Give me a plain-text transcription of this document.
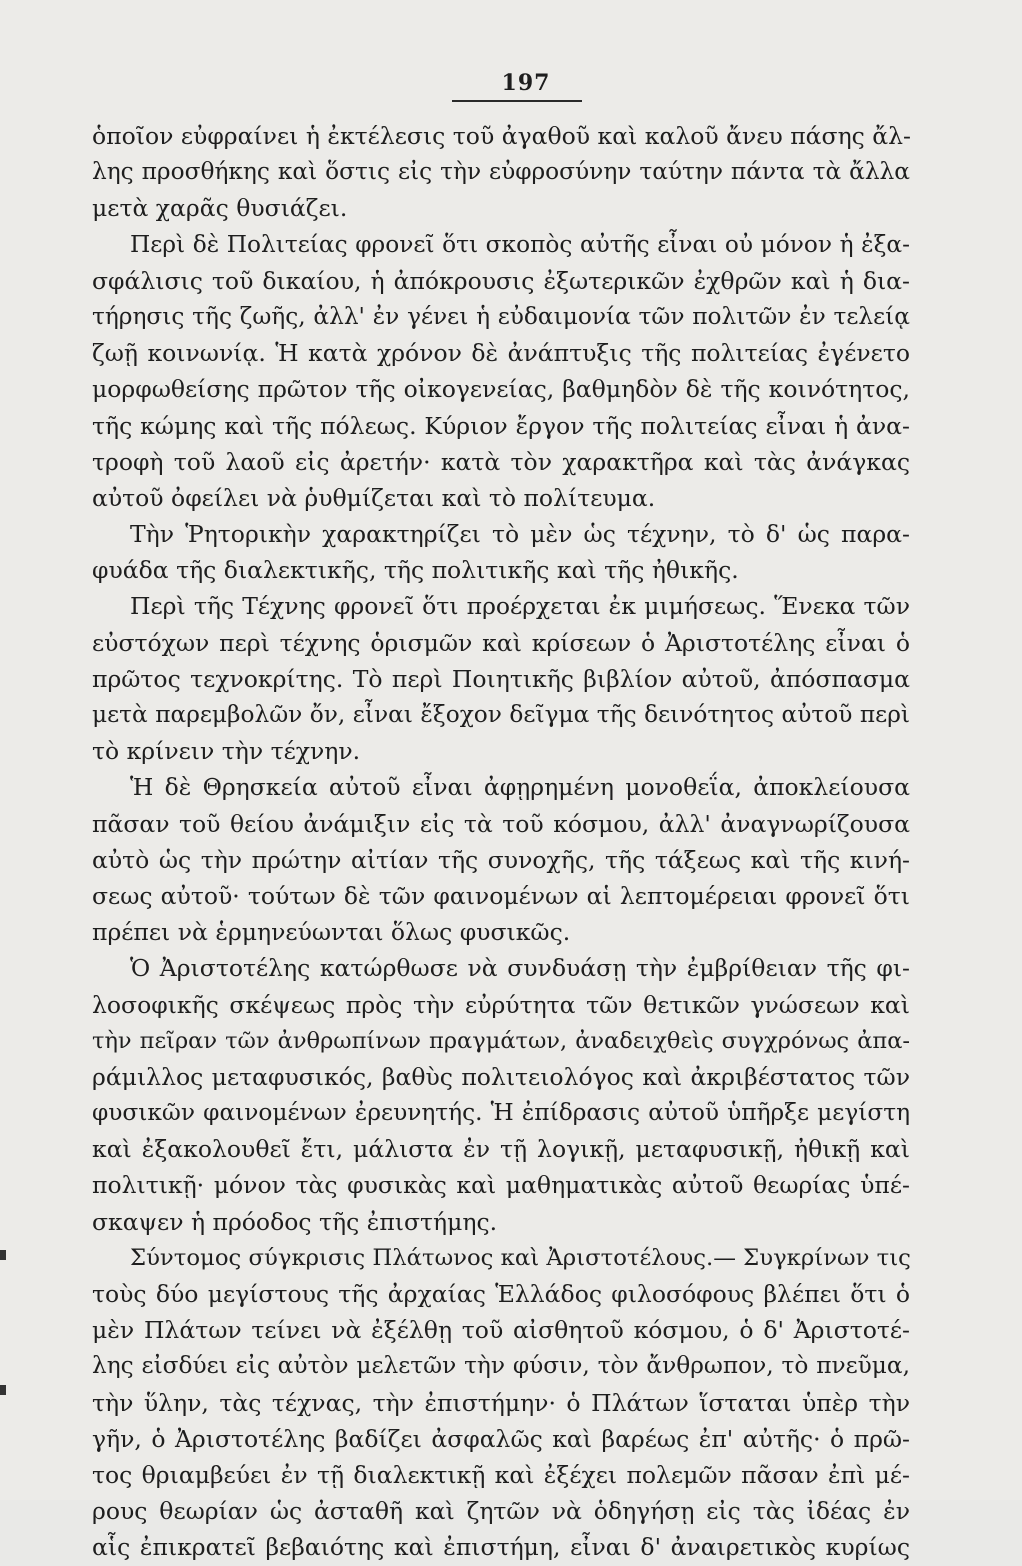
197
ὁποῖον εὐφραίνει ἡ ἐκτέλεσις τοῦ ἀγαθοῦ καὶ καλοῦ ἄνευ πάσης ἄλ-
λης προσθήκης καὶ ὅστις εἰς τὴν εὐφροσύνην ταύτην πάντα τὰ ἄλλα
μετὰ χαρᾶς θυσιάζει.
Περὶ δὲ Πολιτείας φρονεῖ ὅτι σκοπὸς αὐτῆς εἶναι οὐ μόνον ἡ ἐξα-
σφάλισις τοῦ δικαίου, ἡ ἀπόκρουσις ἐξωτερικῶν ἐχθρῶν καὶ ἡ δια-
τήρησις τῆς ζωῆς, ἀλλ' ἐν γένει ἡ εὐδαιμονία τῶν πολιτῶν ἐν τελείᾳ
ζωῇ κοινωνίᾳ. Ἡ κατὰ χρόνον δὲ ἀνάπτυξις τῆς πολιτείας ἐγένετο
μορφωθείσης πρῶτον τῆς οἰκογενείας, βαθμηδὸν δὲ τῆς κοινότητος,
τῆς κώμης καὶ τῆς πόλεως. Κύριον ἔργον τῆς πολιτείας εἶναι ἡ ἀνα-
τροφὴ τοῦ λαοῦ εἰς ἀρετήν· κατὰ τὸν χαρακτῆρα καὶ τὰς ἀνάγκας
αὐτοῦ ὀφείλει νὰ ῥυθμίζεται καὶ τὸ πολίτευμα.
Τὴν Ῥητορικὴν χαρακτηρίζει τὸ μὲν ὡς τέχνην, τὸ δ' ὡς παρα-
φυάδα τῆς διαλεκτικῆς, τῆς πολιτικῆς καὶ τῆς ἠθικῆς.
Περὶ τῆς Τέχνης φρονεῖ ὅτι προέρχεται ἐκ μιμήσεως. Ἕνεκα τῶν
εὐστόχων περὶ τέχνης ὁρισμῶν καὶ κρίσεων ὁ Ἀριστοτέλης εἶναι ὁ
πρῶτος τεχνοκρίτης. Τὸ περὶ Ποιητικῆς βιβλίον αὐτοῦ, ἀπόσπασμα
μετὰ παρεμβολῶν ὄν, εἶναι ἔξοχον δεῖγμα τῆς δεινότητος αὐτοῦ περὶ
τὸ κρίνειν τὴν τέχνην.
Ἡ δὲ Θρησκεία αὐτοῦ εἶναι ἀφῃρημένη μονοθεΐα, ἀποκλείουσα
πᾶσαν τοῦ θείου ἀνάμιξιν εἰς τὰ τοῦ κόσμου, ἀλλ' ἀναγνωρίζουσα
αὐτὸ ὡς τὴν πρώτην αἰτίαν τῆς συνοχῆς, τῆς τάξεως καὶ τῆς κινή-
σεως αὐτοῦ· τούτων δὲ τῶν φαινομένων αἱ λεπτομέρειαι φρονεῖ ὅτι
πρέπει νὰ ἑρμηνεύωνται ὅλως φυσικῶς.
Ὁ Ἀριστοτέλης κατώρθωσε νὰ συνδυάσῃ τὴν ἐμβρίθειαν τῆς φι-
λοσοφικῆς σκέψεως πρὸς τὴν εὐρύτητα τῶν θετικῶν γνώσεων καὶ
τὴν πεῖραν τῶν ἀνθρωπίνων πραγμάτων, ἀναδειχθεὶς συγχρόνως ἀπα-
ράμιλλος μεταφυσικός, βαθὺς πολιτειολόγος καὶ ἀκριβέστατος τῶν
φυσικῶν φαινομένων ἐρευνητής. Ἡ ἐπίδρασις αὐτοῦ ὑπῆρξε μεγίστη
καὶ ἐξακολουθεῖ ἔτι, μάλιστα ἐν τῇ λογικῇ, μεταφυσικῇ, ἠθικῇ καὶ
πολιτικῇ· μόνον τὰς φυσικὰς καὶ μαθηματικὰς αὐτοῦ θεωρίας ὑπέ-
σκαψεν ἡ πρόοδος τῆς ἐπιστήμης.
Σύντομος σύγκρισις Πλάτωνος καὶ Ἀριστοτέλους.— Συγκρίνων τις
τοὺς δύο μεγίστους τῆς ἀρχαίας Ἑλλάδος φιλοσόφους βλέπει ὅτι ὁ
μὲν Πλάτων τείνει νὰ ἐξέλθῃ τοῦ αἰσθητοῦ κόσμου, ὁ δ' Ἀριστοτέ-
λης εἰσδύει εἰς αὐτὸν μελετῶν τὴν φύσιν, τὸν ἄνθρωπον, τὸ πνεῦμα,
τὴν ὕλην, τὰς τέχνας, τὴν ἐπιστήμην· ὁ Πλάτων ἵσταται ὑπὲρ τὴν
γῆν, ὁ Ἀριστοτέλης βαδίζει ἀσφαλῶς καὶ βαρέως ἐπ' αὐτῆς· ὁ πρῶ-
τος θριαμβεύει ἐν τῇ διαλεκτικῇ καὶ ἐξέχει πολεμῶν πᾶσαν ἐπὶ μέ-
ρους θεωρίαν ὡς ἀσταθῆ καὶ ζητῶν νὰ ὁδηγήσῃ εἰς τὰς ἰδέας ἐν
αἷς ἐπικρατεῖ βεβαιότης καὶ ἐπιστήμη, εἶναι δ' ἀναιρετικὸς κυρίως
